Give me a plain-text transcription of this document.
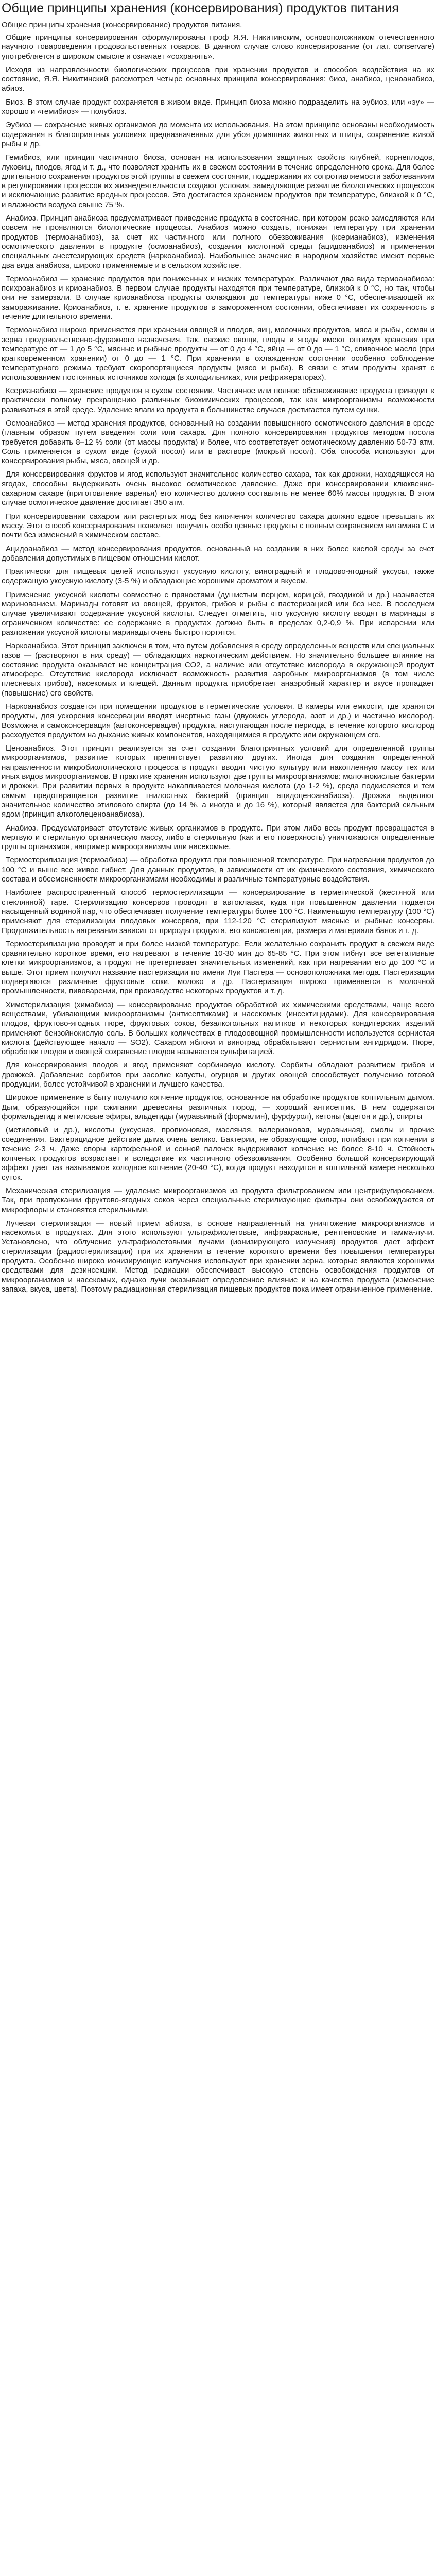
Общие принципы хранения (консервирования) продуктов питания
Общие принципы хранения (консервирование) продуктов питания.

Общие принципы консервирования сформулированы проф Я.Я. Никитинским, основоположником отечественного научного товароведения продовольственных товаров. В данном случае слово консервирование (от лат. conservare) употребляется в широком смысле и означает «сохранять».

Исходя из направленности биологических процессов при хранении продуктов и способов воздействия на их состояние, Я.Я. Никитинский рассмотрел четыре основных принципа консервирования: биоз, анабиоз, ценоанабиоз, абиоз.

Биоз. В этом случае продукт сохраняется в живом виде. Принцип биоза можно подразделить на эубиоз, или «эу» — хорошо и «гемибиоз» — полубиоз.

Эубиоз — сохранение живых организмов до момента их использования. На этом принципе основаны необходимость содержания в благоприятных условиях предназначенных для убоя домашних животных и птицы, сохранение живой рыбы и др.

Гемибиоз, или принцип частичного биоза, основан на использовании защитных свойств клубней, корнеплодов, луковиц, плодов, ягод и т. д., что позволяет хранить их в свежем состоянии в течение определенного срока. Для более длительного сохранения продуктов этой группы в свежем состоянии, поддержания их сопротивляемости заболеваниям в регулировании процессов их жизнедеятельности создают условия, замедляющие развитие биологических процессов и исключающие развитие вредных процессов. Это достигается хранением продуктов при температуре, близкой к 0 °С, и влажности воздуха свыше 75 %.

Анабиоз. Принцип анабиоза предусматривает приведение продукта в состояние, при котором резко замедляются или совсем не проявляются биологические процессы. Анабиоз можно создать, понижая температуру при хранении продуктов (термоанабиоз), за счет их частичного или полного обезвоживания (ксерианабиоз), изменения осмотического давления в продукте (осмоанабиоз), создания кислотной среды (ацидоанабиоз) и применения специальных анестезирующих средств (наркоанабиоз). Наибольшее значение в народном хозяйстве имеют первые два вида анабиоза, широко применяемые и в сельском хозяйстве.

Термоанабиоз — хранение продуктов при пониженных и низких температурах. Различают два вида термоанабиоза: психроанабиоз и криоанабиоз. В первом случае продукты находятся при температуре, близкой к 0 °С, но так, чтобы они не замерзали. В случае криоанабиоза продукты охлаждают до температуры ниже 0 °С, обеспечивающей их замораживание. Криоанабиоз, т. е. хранение продуктов в замороженном состоянии, обеспечивает их сохранность в течение длительного времени.

Термоанабиоз широко применяется при хранении овощей и плодов, яиц, молочных продуктов, мяса и рыбы, семян и зерна продовольственно-фуражного назначения. Так, свежие овощи, плоды и ягоды имеют оптимум хранения при температуре от — 1 до 5 °С, мясные и рыбные продукты — от 0 до 4 °С, яйца — от 0 до — 1 °С, сливочное масло (при кратковременном хранении) от 0 до — 1 °С. При хранении в охлажденном состоянии особенно соблюдение температурного режима требуют скоропортящиеся продукты (мясо и рыба). В связи с этим продукты хранят с использованием постоянных источников холода (в холодильниках, или рефрижераторах).

Ксерианабиоз — хранение продуктов в сухом состоянии. Частичное или полное обезвоживание продукта приводит к практически полному прекращению различных биохимических процессов, так как микроорганизмы возможности развиваться в этой среде. Удаление влаги из продукта в большинстве случаев достигается путем сушки.

Осмоанабиоз — метод хранения продуктов, основанный на создании повышенного осмотического давления в среде (главным образом путем введения соли или сахара. Для полного консервирования продуктов методом посола требуется добавить 8–12 % соли (от массы продукта) и более, что соответствует осмотическому давлению 50-73 атм. Соль применяется в сухом виде (сухой посол) или в растворе (мокрый посол). Оба способа используют для консервирования рыбы, мяса, овощей и др.

Для консервирования фруктов и ягод используют значительное количество сахара, так как дрожжи, находящиеся на ягодах, способны выдерживать очень высокое осмотическое давление. Даже при консервировании клюквенно-сахарном сахаре (приготовление варенья) его количество должно составлять не менее 60% массы продукта. В этом случае осмотическое давление достигает 350 атм.

При консервировании сахаром или растертых ягод без кипячения количество сахара должно вдвое превышать их массу. Этот способ консервирования позволяет получить особо ценные продукты с полным сохранением витамина С и почти без изменений в химическом составе.

Ацидоанабиоз — метод консервирования продуктов, основанный на создании в них более кислой среды за счет добавления допустимых в пищевом отношении кислот.

Практически для пищевых целей используют уксусную кислоту, виноградный и плодово-ягодный уксусы, также содержащую уксусную кислоту (3-5 %) и обладающие хорошими ароматом и вкусом.

Применение уксусной кислоты совместно с пряностями (душистым перцем, корицей, гвоздикой и др.) называется маринованием. Маринады готовят из овощей, фруктов, грибов и рыбы с пастеризацией или без нее. В последнем случае увеличивают содержание уксусной кислоты. Следует отметить, что уксусную кислоту вводят в маринады в ограниченном количестве: ее содержание в продуктах должно быть в пределах 0,2-0,9 %. При испарении или разложении уксусной кислоты маринады очень быстро портятся.

Наркоанабиоз. Этот принцип заключен в том, что путем добавления в среду определенных веществ или специальных газов — (растворяют в них среду) — обладающих наркотическим действием. Но значительно большее влияние на состояние продукта оказывает не концентрация СО2, а наличие или отсутствие кислорода в окружающей продукт атмосфере. Отсутствие кислорода исключает возможность развития аэробных микроорганизмов (в том числе плесневых грибов), насекомых и клещей. Данным продукта приобретает анаэробный характер и вкусе пропадает (повышение) его свойств.

Наркоанабиоз создается при помещении продуктов в герметические условия. В камеры или емкости, где хранятся продукты, для ускорения консервации вводят инертные газы (двуокись углерода, азот и др.) и частично кислород. Возможна и самоконсервация (автоконсервация) продукта, наступающая после периода, в течение которого кислород расходуется продуктом на дыхание живых компонентов, находящимися в продукте или окружающем его.

Ценоанабиоз. Этот принцип реализуется за счет создания благоприятных условий для определенной группы микроорганизмов, развитие которых препятствует развитию других. Иногда для создания определенной направленности микробиологического процесса в продукт вводят чистую культуру или накопленную массу тех или иных видов микроорганизмов. В практике хранения используют две группы микроорганизмов: молочнокислые бактерии и дрожжи. При развитии первых в продукте накапливается молочная кислота (до 1-2 %), среда подкисляется и тем самым предотвращается развитие гнилостных бактерий (принцип ацидоценоанабиоза). Дрожжи выделяют значительное количество этилового спирта (до 14 %, а иногда и до 16 %), который является для бактерий сильным ядом (принцип алкоголеценоанабиоза).

Анабиоз. Предусматривает отсутствие живых организмов в продукте. При этом либо весь продукт превращается в мертвую и стерильную органическую массу, либо в стерильную (как и его поверхность) уничтожаются определенные группы организмов, например микроорганизмы или насекомые.

Термостерилизация (термоабиоз) — обработка продукта при повышенной температуре. При нагревании продуктов до 100 °С и выше все живое гибнет. Для данных продуктов, в зависимости от их физического состояния, химического состава и обсемененности микроорганизмами необходимы и различные температурные воздействия.

Наиболее распространенный способ термостерилизации — консервирование в герметической (жестяной или стеклянной) таре. Стерилизацию консервов проводят в автоклавах, куда при повышенном давлении подается насыщенный водяной пар, что обеспечивает получение температуры более 100 °С. Наименьшую температуру (100 °С) применяют для стерилизации плодовых консервов, при 112-120 °С стерилизуют мясные и рыбные консервы. Продолжительность нагревания зависит от природы продукта, его консистенции, размера и материала банок и т. д.

Термостерилизацию проводят и при более низкой температуре. Если желательно сохранить продукт в свежем виде сравнительно короткое время, его нагревают в течение 10-30 мин до 65-85 °С. При этом гибнут все вегетативные клетки микроорганизмов, а продукт не претерпевает значительных изменений, как при нагревании его до 100 °С и выше. Этот прием получил название пастеризации по имени Луи Пастера — основоположника метода. Пастеризации подвергаются различные фруктовые соки, молоко и др. Пастеризация широко применяется в молочной промышленности, пивоварении, при производстве некоторых продуктов и т. д.

Химстерилизация (химабиоз) — консервирование продуктов обработкой их химическими средствами, чаще всего веществами, убивающими микроорганизмы (антисептиками) и насекомых (инсектицидами). Для консервирования плодов, фруктово-ягодных пюре, фруктовых соков, безалкогольных напитков и некоторых кондитерских изделий применяют бензойнокислую соль. В больших количествах в плодоовощной промышленности используется сернистая кислота (действующее начало — SO2). Сахаром яблоки и виноград обрабатывают сернистым ангидридом. Пюре, обработки плодов и овощей сохранение плодов называется сульфитацией.

Для консервирования плодов и ягод применяют сорбиновую кислоту. Сорбиты обладают развитием грибов и дрожжей. Добавление сорбитов при засолке капусты, огурцов и других овощей способствует получению готовой продукции, более устойчивой в хранении и лучшего качества.

Широкое применение в быту получило копчение продуктов, основанное на обработке продуктов коптильным дымом. Дым, образующийся при сжигании древесины различных пород, — хороший антисептик. В нем содержатся формальдегид и метиловые эфиры, альдегиды (муравьиный (формалин), фурфурол), кетоны (ацетон и др.), спирты

(метиловый и др.), кислоты (уксусная, пропионовая, масляная, валериановая, муравьиная), смолы и прочие соединения. Бактерицидное действие дыма очень велико. Бактерии, не образующие спор, погибают при копчении в течение 2-3 ч. Даже споры картофельной и сенной палочек выдерживают копчение не более 8-10 ч. Стойкость копченых продуктов возрастает и вследствие их частичного обезвоживания. Особенно большой консервирующий эффект дает так называемое холодное копчение (20-40 °С), когда продукт находится в коптильной камере несколько суток.

Механическая стерилизация — удаление микроорганизмов из продукта фильтрованием или центрифугированием. Так, при пропускании фруктово-ягодных соков через специальные стерилизующие фильтры они освобождаются от микрофлоры и становятся стерильными.

Лучевая стерилизация — новый прием абиоза, в основе направленный на уничтожение микроорганизмов и насекомых в продуктах. Для этого используют ультрафиолетовые, инфракрасные, рентгеновские и гамма-лучи. Установлено, что облучение ультрафиолетовыми лучами (ионизирующего излучения) продуктов дает эффект стерилизации (радиостерилизация) при их хранении в течение короткого времени без повышения температуры продукта. Особенно широко ионизирующие излучения используют при хранении зерна, которые являются хорошими средствами для дезинсекции. Метод радиации обеспечивает высокую степень освобождения продуктов от микроорганизмов и насекомых, однако лучи оказывают определенное влияние и на качество продукта (изменение запаха, вкуса, цвета). Поэтому радиационная стерилизация пищевых продуктов пока имеет ограниченное применение.
